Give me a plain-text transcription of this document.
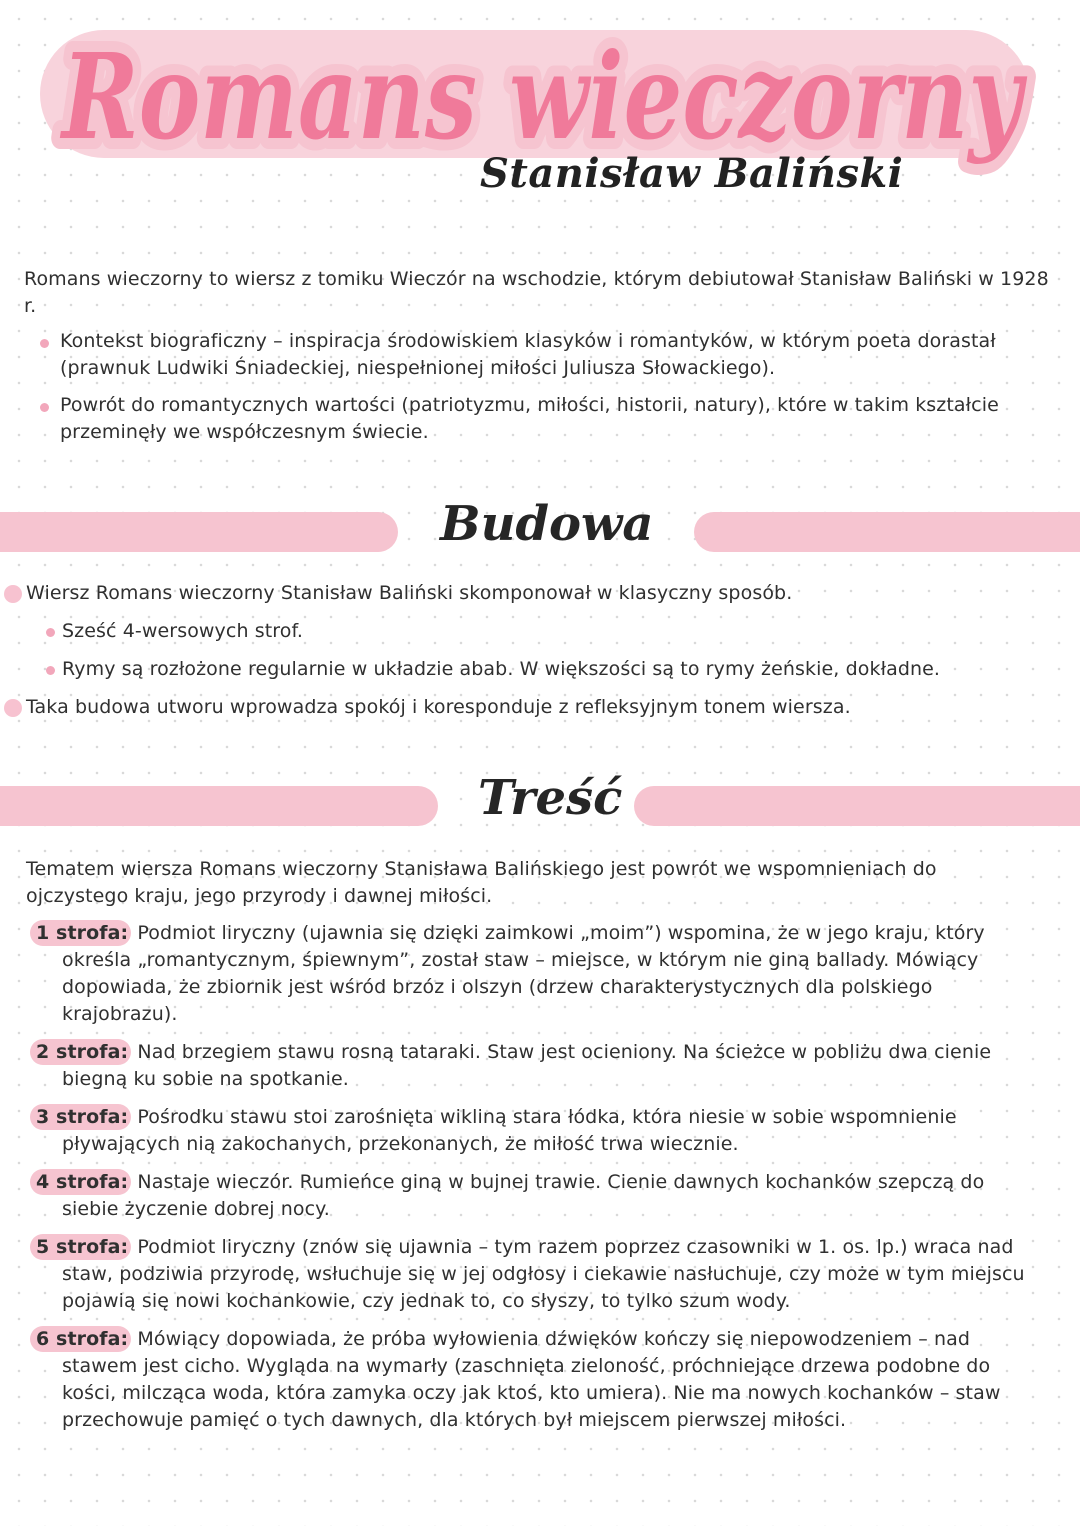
Romans wieczorny
Romans wieczorny
Stanisław Baliński
Romans wieczorny to wiersz z tomiku Wieczór na wschodzie, którym debiutował Stanisław Baliński w 1928 r.
Kontekst biograficzny – inspiracja środowiskiem klasyków i romantyków, w którym poeta dorastał (prawnuk Ludwiki Śniadeckiej, niespełnionej miłości Juliusza Słowackiego).
Powrót do romantycznych wartości (patriotyzmu, miłości, historii, natury), które w takim kształcie przeminęły we współczesnym świecie.
Budowa
Wiersz Romans wieczorny Stanisław Baliński skomponował w klasyczny sposób.
Sześć 4-wersowych strof.
Rymy są rozłożone regularnie w układzie abab. W większości są to rymy żeńskie, dokładne.
Taka budowa utworu wprowadza spokój i koresponduje z refleksyjnym tonem wiersza.
Treść
Tematem wiersza Romans wieczorny Stanisława Balińskiego jest powrót we wspomnieniach do ojczystego kraju, jego przyrody i dawnej miłości.
1 strofa: Podmiot liryczny (ujawnia się dzięki zaimkowi „moim”) wspomina, że w jego kraju, który określa „romantycznym, śpiewnym”, został staw – miejsce, w którym nie giną ballady. Mówiący dopowiada, że zbiornik jest wśród brzóz i olszyn (drzew charakterystycznych dla polskiego krajobrazu).
2 strofa: Nad brzegiem stawu rosną tataraki. Staw jest ocieniony. Na ścieżce w pobliżu dwa cienie biegną ku sobie na spotkanie.
3 strofa: Pośrodku stawu stoi zarośnięta wikliną stara łódka, która niesie w sobie wspomnienie pływających nią zakochanych, przekonanych, że miłość trwa wiecznie.
4 strofa: Nastaje wieczór. Rumieńce giną w bujnej trawie. Cienie dawnych kochanków szepczą do siebie życzenie dobrej nocy.
5 strofa: Podmiot liryczny (znów się ujawnia – tym razem poprzez czasowniki w 1. os. lp.) wraca nad staw, podziwia przyrodę, wsłuchuje się w jej odgłosy i ciekawie nasłuchuje, czy może w tym miejscu pojawią się nowi kochankowie, czy jednak to, co słyszy, to tylko szum wody.
6 strofa: Mówiący dopowiada, że próba wyłowienia dźwięków kończy się niepowodzeniem – nad stawem jest cicho. Wygląda na wymarły (zaschnięta zieloność, próchniejące drzewa podobne do kości, milcząca woda, która zamyka oczy jak ktoś, kto umiera). Nie ma nowych kochanków – staw przechowuje pamięć o tych dawnych, dla których był miejscem pierwszej miłości.
